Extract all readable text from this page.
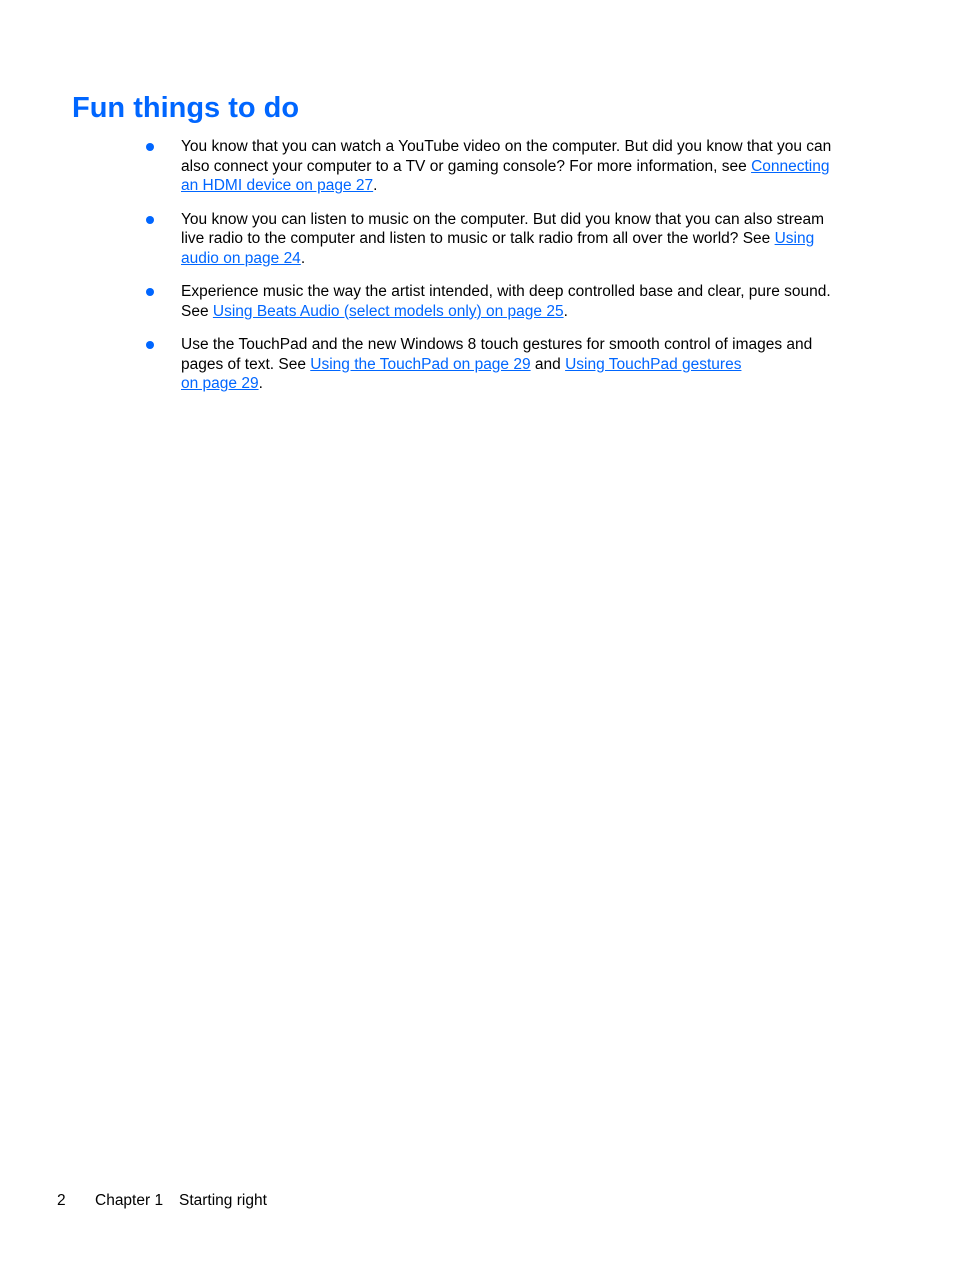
Fun things to do
You know that you can watch a YouTube video on the computer. But did you know that you can
also connect your computer to a TV or gaming console? For more information, see Connecting
an HDMI device on page 27.
You know you can listen to music on the computer. But did you know that you can also stream
live radio to the computer and listen to music or talk radio from all over the world? See Using
audio on page 24.
Experience music the way the artist intended, with deep controlled base and clear, pure sound.
See Using Beats Audio (select models only) on page 25.
Use the TouchPad and the new Windows 8 touch gestures for smooth control of images and
pages of text. See Using the TouchPad on page 29 and Using TouchPad gestures
on page 29.
2 Chapter 1 Starting right
